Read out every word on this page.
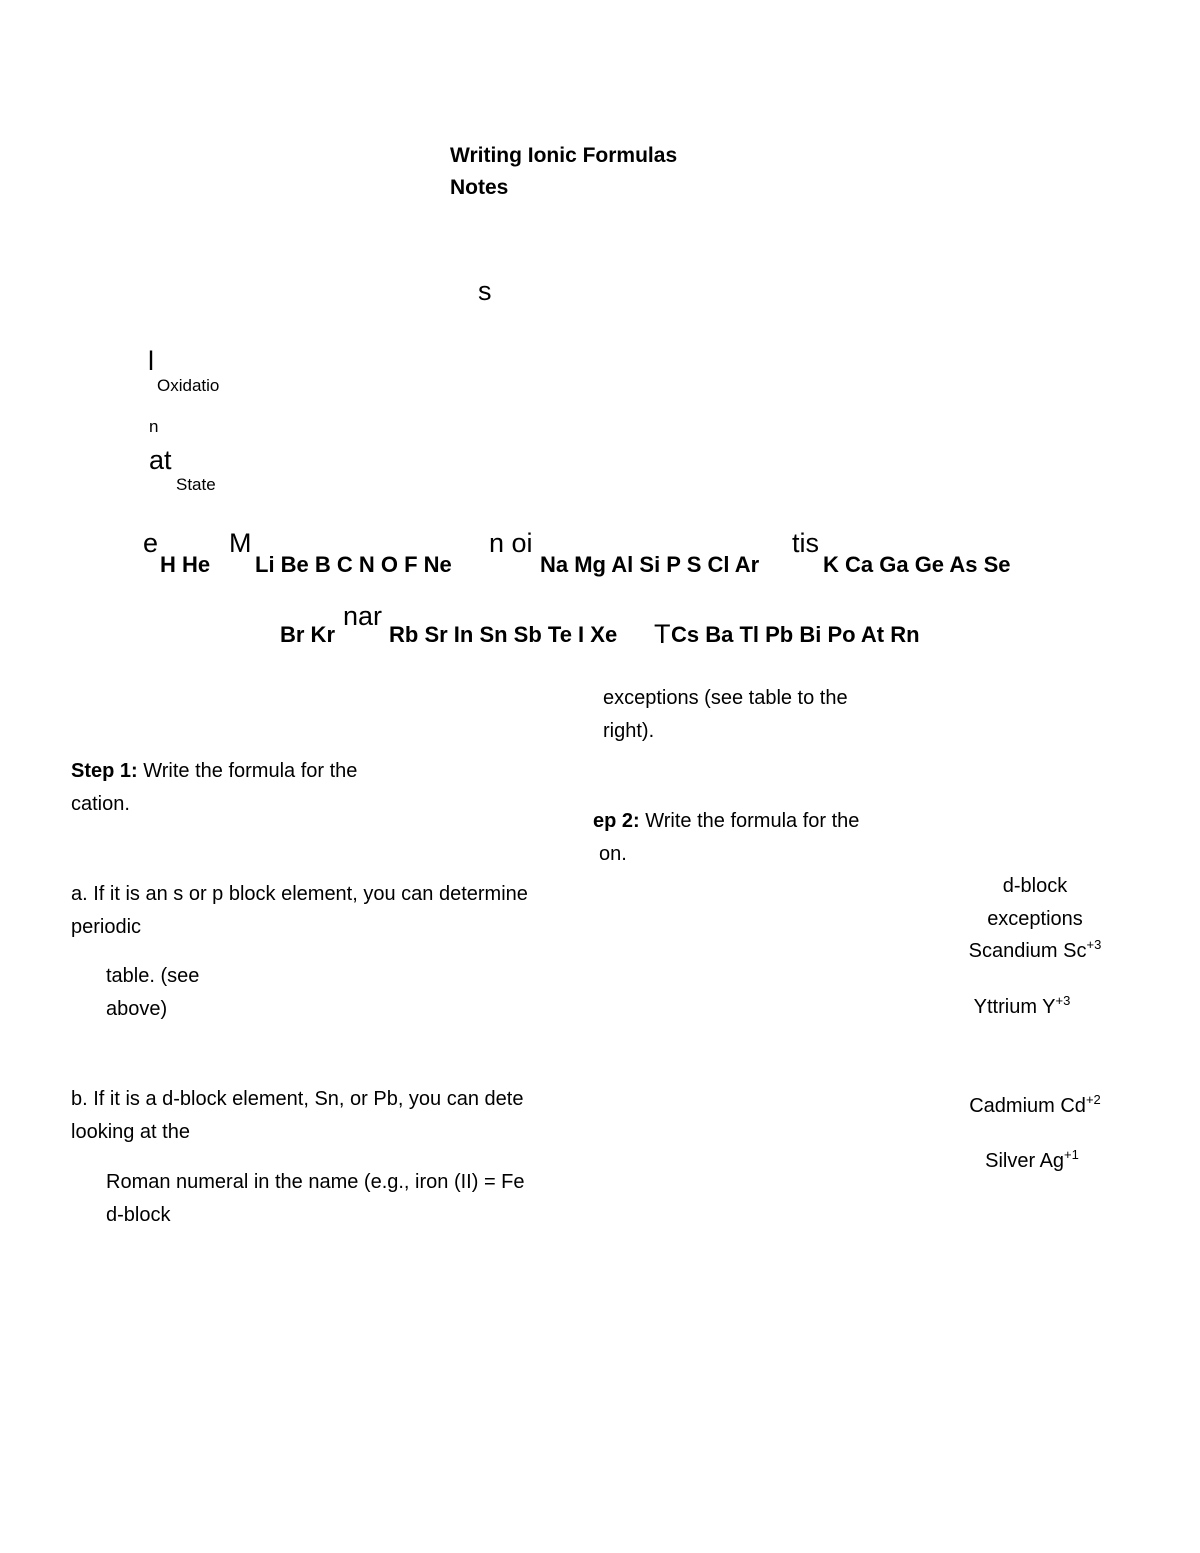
Writing Ionic Formulas
Notes
s
l
Oxidatio
n
at
State
e
H He
M
Li Be B C N O F Ne
n oi
Na Mg Al Si P S Cl Ar
tis
K Ca Ga Ge As Se
Br Kr
nar
Rb Sr In Sn Sb Te I Xe T Cs Ba Tl Pb Bi Po At Rn
exceptions (see table to the
right).
Step 1: Write the formula for the
cation.
ep 2: Write the formula for the
on.
a. If it is an s or p block element, you can determine
periodic
table. (see
above)
b. If it is a d-block element, Sn, or Pb, you can dete
looking at the
Roman numeral in the name (e.g., iron (II) = Fe
d-block
d-block
exceptions
Scandium $Sc^{+3}$
Yttrium $Y^{+3}$
Cadmium $Cd^{+2}$
Silver $Ag^{+1}$
